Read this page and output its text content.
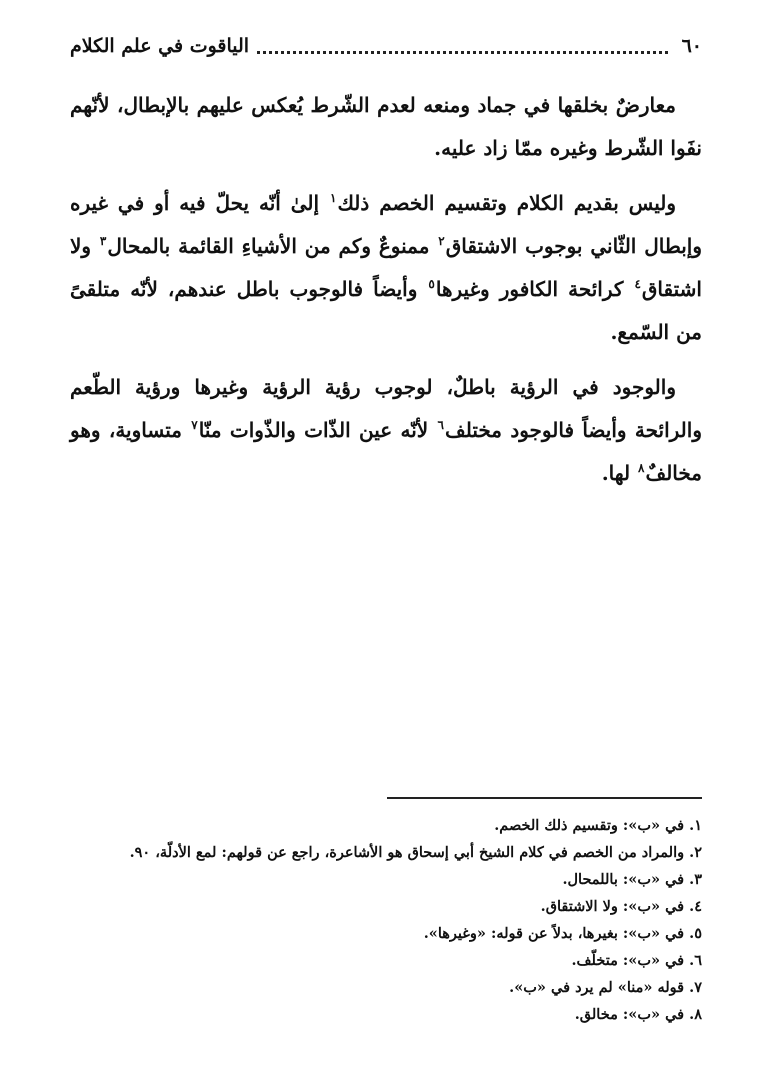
٦٠
الياقوت في علم الكلام

معارضٌ بخلقها في جماد ومنعه لعدم الشّرط يُعكس عليهم بالإبطال، لأنّهم نفَوا الشّرط وغيره ممّا زاد عليه.

وليس بقديم الكلام وتقسيم الخصم ذلك$^١$ إلىٰ أنّه يحلّ فيه أو في غيره وإبطال الثّاني بوجوب الاشتقاق$^٢$ ممنوعٌ وكم من الأشياءِ القائمة بالمحال$^٣$ ولا اشتقاق$^٤$ كرائحة الكافور وغيرها$^٥$ وأيضاً فالوجوب باطل عندهم، لأنّه متلقىً من السّمع.

والوجود في الرؤية باطلٌ، لوجوب رؤية الرؤية وغيرها ورؤية الطّعم والرائحة وأيضاً فالوجود مختلف$^٦$ لأنّه عين الذّات والذّوات منّا$^٧$ متساوية، وهو مخالفٌ$^٨$ لها.

١. في «ب»: وتقسيم ذلك الخصم.
٢. والمراد من الخصم في كلام الشيخ أبي إسحاق هو الأشاعرة، راجع عن قولهم: لمع الأدلّة، ٩٠.
٣. في «ب»: باللمحال.
٤. في «ب»: ولا الاشتقاق.
٥. في «ب»: بغيرها، بدلاً عن قوله: «وغيرها».
٦. في «ب»: متخلّف.
٧. قوله «منا» لم يرد في «ب».
٨. في «ب»: مخالق.
